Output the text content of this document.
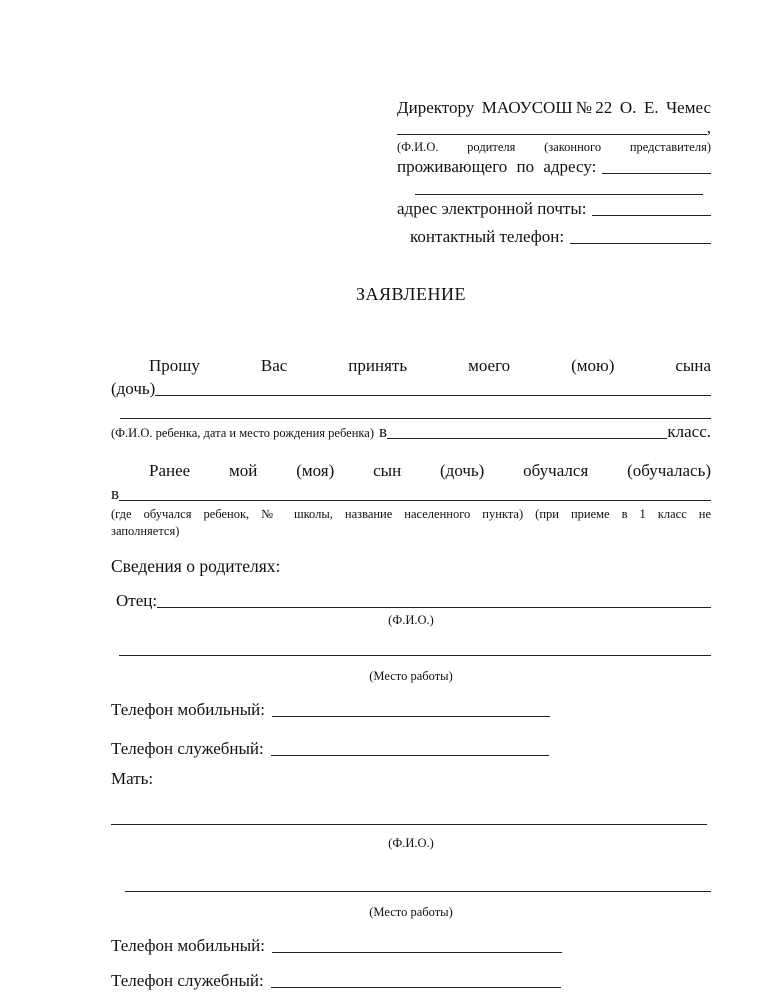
Директору МАОУСОШ№22 О. Е. Чемес
,
(Ф.И.О. родителя (законного представителя)
проживающего по адресу:
адрес электронной почты:
контактный телефон:
ЗАЯВЛЕНИЕ
Прошу Вас принять моего (мою) сына
(дочь)
(Ф.И.О. ребенка, дата и место рождения ребенка) в	класс.
Ранее мой (моя) сын (дочь) обучался (обучалась)
в
(где обучался ребенок, № школы, название населенного пункта) (при приеме в 1 класс не
заполняется)
Сведения о родителях:
Отец:
(Ф.И.О.)
(Место работы)
Телефон мобильный:
Телефон служебный:
Мать:
(Ф.И.О.)
(Место работы)
Телефон мобильный:
Телефон служебный:
